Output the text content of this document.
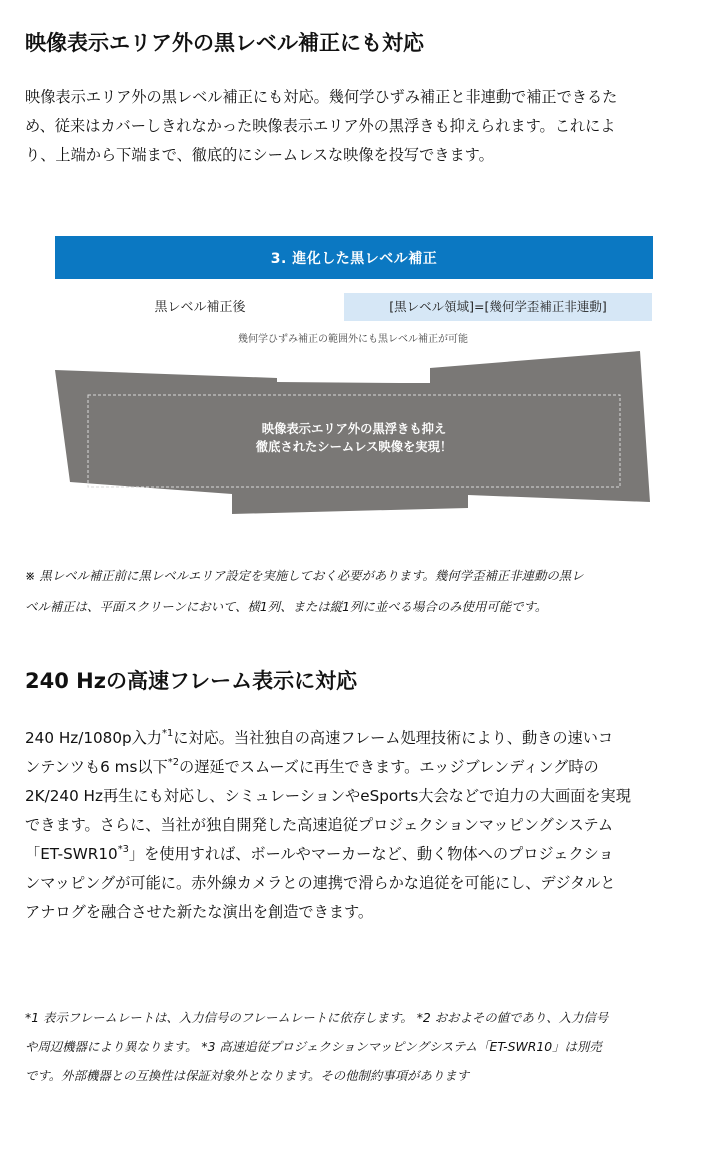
映像表示エリア外の黒レベル補正にも対応
映像表示エリア外の黒レベル補正にも対応。幾何学ひずみ補正と非連動で補正できるた
め、従来はカバーしきれなかった映像表示エリア外の黒浮きも抑えられます。これによ
り、上端から下端まで、徹底的にシームレスな映像を投写できます。
3. 進化した黒レベル補正
黒レベル補正後	[黒レベル領域]=[幾何学歪補正非連動]
幾何学ひずみ補正の範囲外にも黒レベル補正が可能
映像表示エリア外の黒浮きも抑え
徹底されたシームレス映像を実現！
※ 黒レベル補正前に黒レベルエリア設定を実施しておく必要があります。幾何学歪補正非連動の黒レ
ベル補正は、平面スクリーンにおいて、横1列、または縦1列に並べる場合のみ使用可能です。
240 Hzの高速フレーム表示に対応
240 Hz/1080p入力$^{*1}$に対応。当社独自の高速フレーム処理技術により、動きの速いコ
ンテンツも6 ms以下$^{*2}$の遅延でスムーズに再生できます。エッジブレンディング時の
2K/240 Hz再生にも対応し、シミュレーションやeSports大会などで迫力の大画面を実現
できます。さらに、当社が独自開発した高速追従プロジェクションマッピングシステム
「ET-SWR10$^{*3}$」を使用すれば、ボールやマーカーなど、動く物体へのプロジェクショ
ンマッピングが可能に。赤外線カメラとの連携で滑らかな追従を可能にし、デジタルと
アナログを融合させた新たな演出を創造できます。
*1 表示フレームレートは、入力信号のフレームレートに依存します。 *2 おおよその値であり、入力信号
や周辺機器により異なります。 *3 高速追従プロジェクションマッピングシステム「ET-SWR10」は別売
です。外部機器との互換性は保証対象外となります。その他制約事項があります
